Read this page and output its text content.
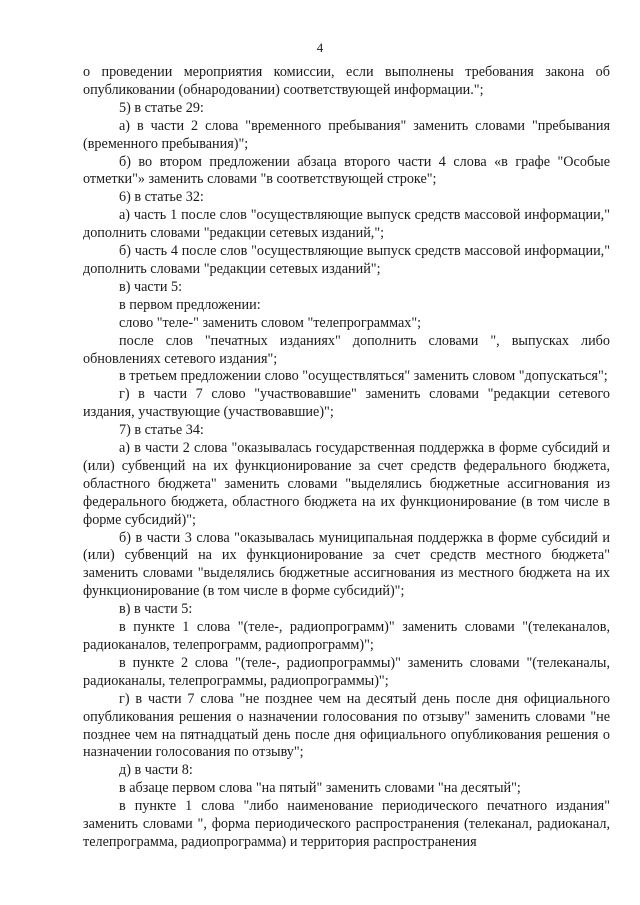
4

о проведении мероприятия комиссии, если выполнены требования закона об опубликовании (обнародовании) соответствующей информации.";

5) в статье 29:

а) в части 2 слова "временного пребывания" заменить словами "пребывания (временного пребывания)";

б) во втором предложении абзаца второго части 4 слова «в графе "Особые отметки"» заменить словами "в соответствующей строке";

6) в статье 32:

а) часть 1 после слов "осуществляющие выпуск средств массовой информации," дополнить словами "редакции сетевых изданий,";

б) часть 4 после слов "осуществляющие выпуск средств массовой информации," дополнить словами "редакции сетевых изданий";

в) части 5:

в первом предложении:

слово "теле-" заменить словом "телепрограммах";

после слов "печатных изданиях" дополнить словами ", выпусках либо обновлениях сетевого издания";

в третьем предложении слово "осуществляться" заменить словом "допускаться";

г) в части 7 слово "участвовавшие" заменить словами "редакции сетевого издания, участвующие (участвовавшие)";

7) в статье 34:

а) в части 2 слова "оказывалась государственная поддержка в форме субсидий и (или) субвенций на их функционирование за счет средств федерального бюджета, областного бюджета" заменить словами "выделялись бюджетные ассигнования из федерального бюджета, областного бюджета на их функционирование (в том числе в форме субсидий)";

б) в части 3 слова "оказывалась муниципальная поддержка в форме субсидий и (или) субвенций на их функционирование за счет средств местного бюджета" заменить словами "выделялись бюджетные ассигнования из местного бюджета на их функционирование (в том числе в форме субсидий)";

в) в части 5:

в пункте 1 слова "(теле-, радиопрограмм)" заменить словами "(телеканалов, радиоканалов, телепрограмм, радиопрограмм)";

в пункте 2 слова "(теле-, радиопрограммы)" заменить словами "(телеканалы, радиоканалы, телепрограммы, радиопрограммы)";

г) в части 7 слова "не позднее чем на десятый день после дня официального опубликования решения о назначении голосования по отзыву" заменить словами "не позднее чем на пятнадцатый день после дня официального опубликования решения о назначении голосования по отзыву";

д) в части 8:

в абзаце первом слова "на пятый" заменить словами "на десятый";

в пункте 1 слова "либо наименование периодического печатного издания" заменить словами ", форма периодического распространения (телеканал, радиоканал, телепрограмма, радиопрограмма) и территория распространения
